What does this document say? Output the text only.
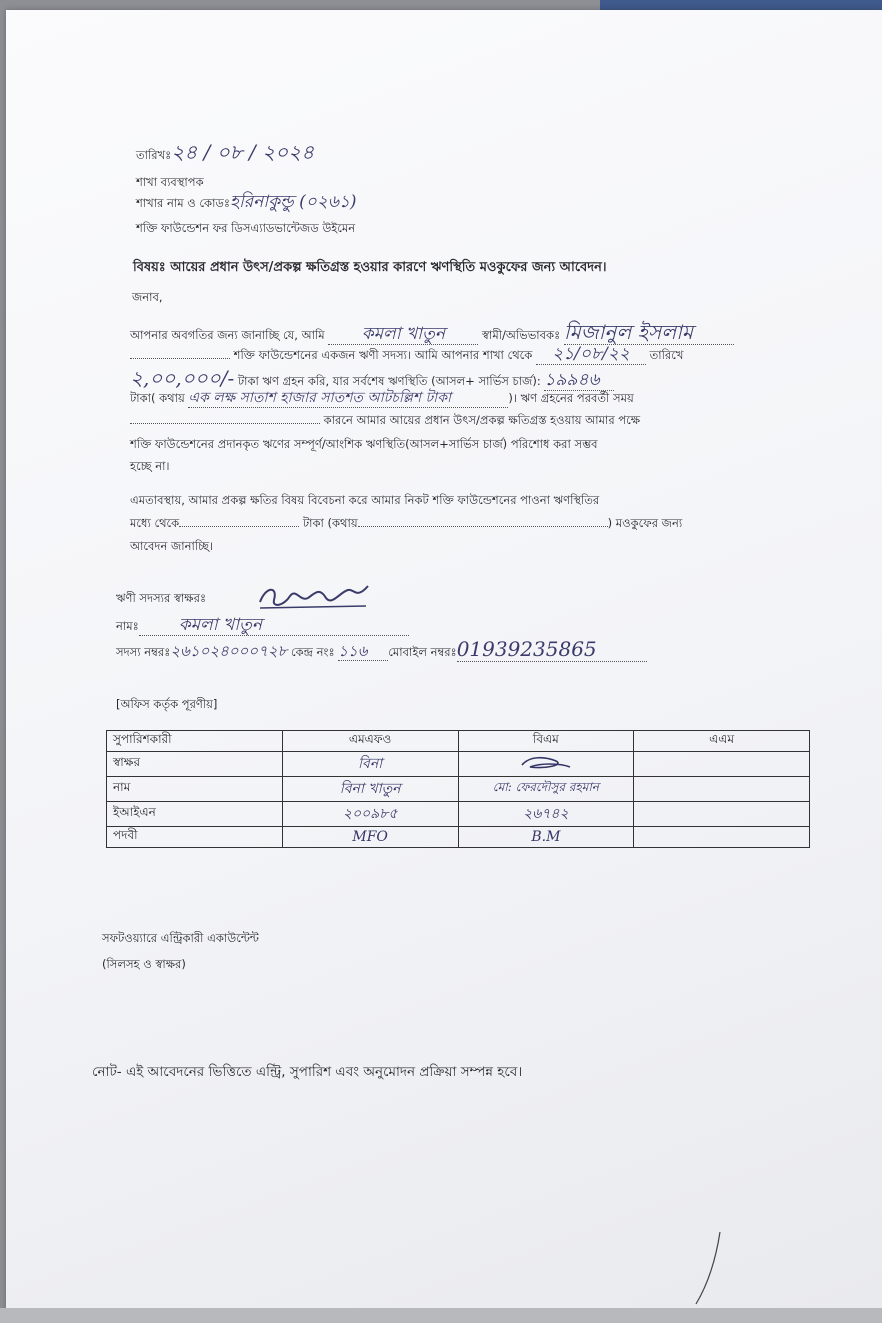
তারিখঃ২৪ / ০৮ / ২০২৪
শাখা ব্যবস্থাপক
শাখার নাম ও কোডঃহরিনাকুন্ডু (০২৬১)
শক্তি ফাউন্ডেশন ফর ডিসএ্যাডভান্টেজড উইমেন
বিষয়ঃ আয়ের প্রধান উৎস/প্রকল্প ক্ষতিগ্রস্ত হওয়ার কারণে ঋণস্থিতি মওকুফের জন্য আবেদন।
জনাব,
আপনার অবগতির জন্য জানাচ্ছি যে, আমি কমলা খাতুন	স্বামী/অভিভাবকঃ মিজানুল ইসলাম
শক্তি ফাউন্ডেশনের একজন ঋণী সদস্য। আমি আপনার শাখা থেকে ২১/০৮/২২ তারিখে
২,০০,০০০/- টাকা ঋণ গ্রহন করি, যার সর্বশেষ ঋণস্থিতি (আসল+ সার্ভিস চার্জ): ১৯৯৪৬
টাকা( কথায় এক লক্ষ সাতাশ হাজার সাতশত আটচল্লিশ টাকা	)। ঋণ গ্রহনের পরবর্তী সময়
কারনে আমার আয়ের প্রধান উৎস/প্রকল্প ক্ষতিগ্রস্ত হওয়ায় আমার পক্ষে
শক্তি ফাউন্ডেশনের প্রদানকৃত ঋণের সম্পূর্ণ/আংশিক ঋণস্থিতি(আসল+সার্ভিস চার্জ) পরিশোধ করা সম্ভব
হচ্ছে না।
এমতাবস্থায়, আমার প্রকল্প ক্ষতির বিষয় বিবেচনা করে আমার নিকট শক্তি ফাউন্ডেশনের পাওনা ঋণস্থিতির
মধ্যে থেকে	টাকা (কথায়	) মওকুফের জন্য
আবেদন জানাচ্ছি।
ঋণী সদস্যর স্বাক্ষরঃ
নামঃ কমলা খাতুন
সদস্য নম্বরঃ২৬১০২৪০০০৭২৮ কেন্দ্র নংঃ ১১৬ মোবাইল নম্বরঃ01939235865
[অফিস কর্তৃক পূরণীয়]
সুপারিশকারী	এমএফও	বিএম	এএম
স্বাক্ষর	বিনা		
নাম	বিনা খাতুন	মো: ফেরদৌসুর রহমান	
ইআইএন	২০০৯৮৫	২৬৭৪২	
পদবী	MFO	B.M	
সফটওয়্যারে এন্ট্রিকারী একাউন্টেন্ট
(সিলসহ ও স্বাক্ষর)
নোট- এই আবেদনের ভিত্তিতে এন্ট্রি, সুপারিশ এবং অনুমোদন প্রক্রিয়া সম্পন্ন হবে।
